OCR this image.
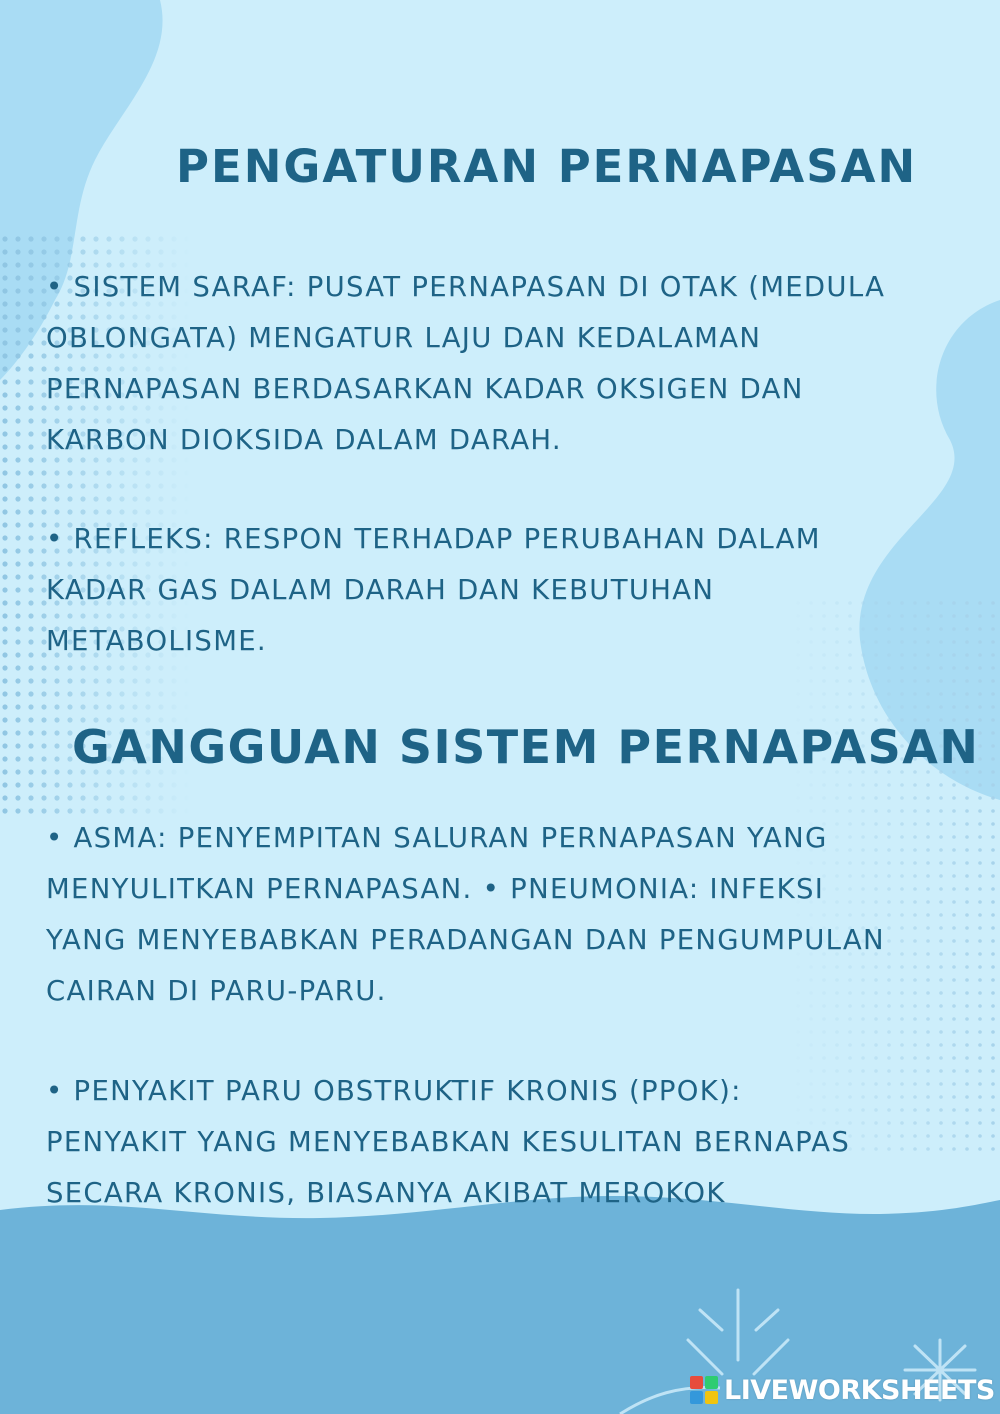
PENGATURAN PERNAPASAN
• SISTEM SARAF: PUSAT PERNAPASAN DI OTAK (MEDULA
OBLONGATA) MENGATUR LAJU DAN KEDALAMAN
PERNAPASAN BERDASARKAN KADAR OKSIGEN DAN
KARBON DIOKSIDA DALAM DARAH.
• REFLEKS: RESPON TERHADAP PERUBAHAN DALAM
KADAR GAS DALAM DARAH DAN KEBUTUHAN
METABOLISME.
GANGGUAN SISTEM PERNAPASAN
• ASMA: PENYEMPITAN SALURAN PERNAPASAN YANG
MENYULITKAN PERNAPASAN. • PNEUMONIA: INFEKSI
YANG MENYEBABKAN PERADANGAN DAN PENGUMPULAN
CAIRAN DI PARU-PARU.
• PENYAKIT PARU OBSTRUKTIF KRONIS (PPOK):
PENYAKIT YANG MENYEBABKAN KESULITAN BERNAPAS
SECARA KRONIS, BIASANYA AKIBAT MEROKOK
LIVEWORKSHEETS
